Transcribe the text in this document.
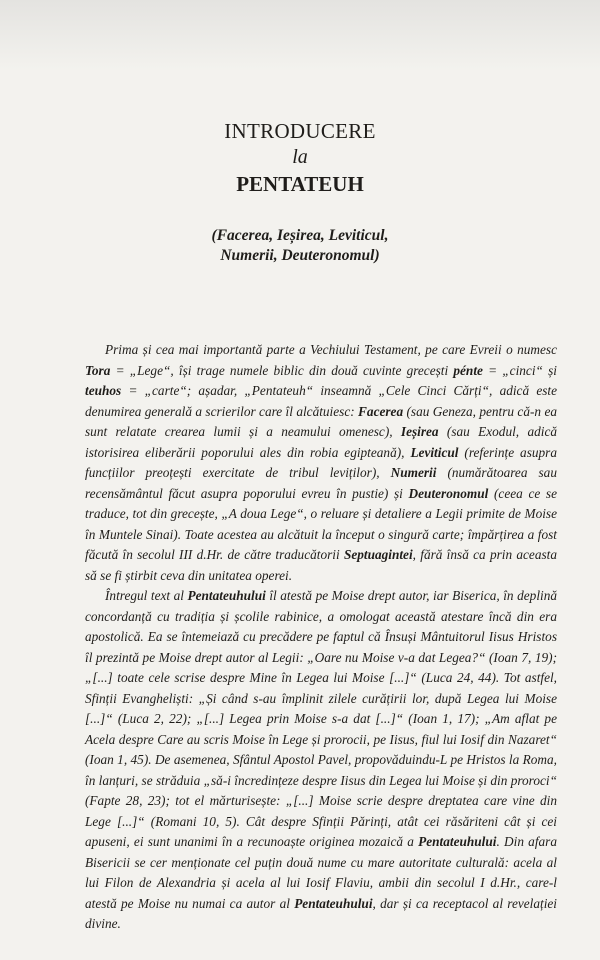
INTRODUCERE
la
PENTATEUH
(Facerea, Ieșirea, Leviticul,
Numerii, Deuteronomul)

Prima și cea mai importantă parte a Vechiului Testament, pe care Evreii o numesc Tora = „Lege“, își trage numele biblic din două cuvinte grecești pénte = „cinci“ și teuhos = „carte“; așadar, „Pentateuh“ inseamnă „Cele Cinci Cărți“, adică este denumirea generală a scrierilor care îl alcătuiesc: Facerea (sau Geneza, pentru că-n ea sunt relatate crearea lumii și a neamului omenesc), Ieșirea (sau Exodul, adică istorisirea eliberării poporului ales din robia egipteană), Leviticul (referințe asupra funcțiilor preoțești exercitate de tribul leviților), Numerii (numărătoarea sau recensământul făcut asupra poporului evreu în pustie) și Deuteronomul (ceea ce se traduce, tot din grecește, „A doua Lege“, o reluare și detaliere a Legii primite de Moise în Muntele Sinai). Toate acestea au alcătuit la început o singură carte; împărțirea a fost făcută în secolul III d.Hr. de către traducătorii Septuagintei, fără însă ca prin aceasta să se fi știrbit ceva din unitatea operei.

Întregul text al Pentateuhului îl atestă pe Moise drept autor, iar Biserica, în deplină concordanță cu tradiția și școlile rabinice, a omologat această atestare încă din era apostolică. Ea se întemeiază cu precădere pe faptul că Însuși Mântuitorul Iisus Hristos îl prezintă pe Moise drept autor al Legii: „Oare nu Moise v-a dat Legea?“ (Ioan 7, 19); „[...] toate cele scrise despre Mine în Legea lui Moise [...]“ (Luca 24, 44). Tot astfel, Sfinții Evangheliști: „Și când s-au împlinit zilele curățirii lor, după Legea lui Moise [...]“ (Luca 2, 22); „[...] Legea prin Moise s-a dat [...]“ (Ioan 1, 17); „Am aflat pe Acela despre Care au scris Moise în Lege și prorocii, pe Iisus, fiul lui Iosif din Nazaret“ (Ioan 1, 45). De asemenea, Sfântul Apostol Pavel, propovăduindu-L pe Hristos la Roma, în lanțuri, se străduia „să-i încredințeze despre Iisus din Legea lui Moise și din proroci“ (Fapte 28, 23); tot el mărturisește: „[...] Moise scrie despre dreptatea care vine din Lege [...]“ (Romani 10, 5). Cât despre Sfinții Părinți, atât cei răsăriteni cât și cei apuseni, ei sunt unanimi în a recunoaște originea mozaică a Pentateuhului. Din afara Bisericii se cer menționate cel puțin două nume cu mare autoritate culturală: acela al lui Filon de Alexandria și acela al lui Iosif Flaviu, ambii din secolul I d.Hr., care-l atestă pe Moise nu numai ca autor al Pentateuhului, dar și ca receptacol al revelației divine.
